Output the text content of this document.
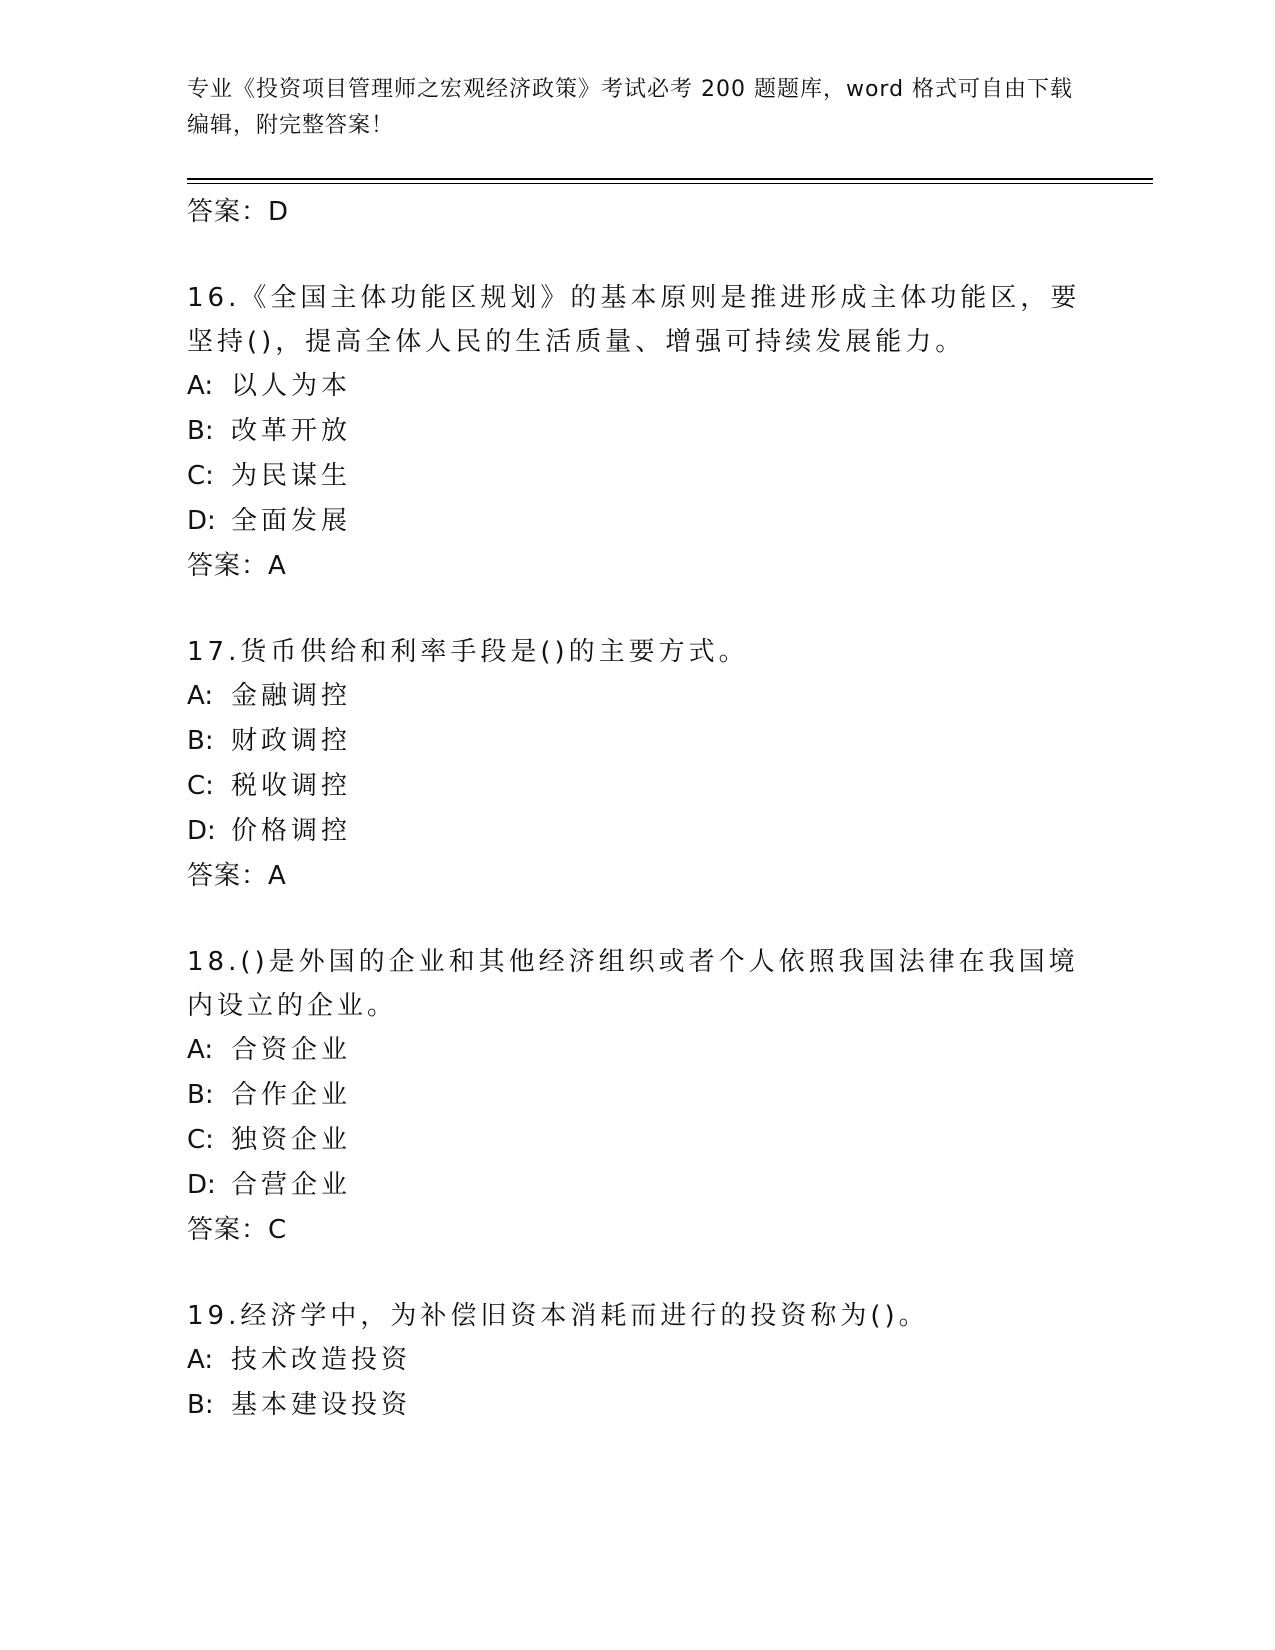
专业《投资项目管理师之宏观经济政策》考试必考 200 题题库，word 格式可自由下载编辑，附完整答案！
答案：D
16.《全国主体功能区规划》的基本原则是推进形成主体功能区，要坚持()，提高全体人民的生活质量、增强可持续发展能力。
A: 以人为本
B: 改革开放
C: 为民谋生
D: 全面发展
答案：A
17.货币供给和利率手段是()的主要方式。
A: 金融调控
B: 财政调控
C: 税收调控
D: 价格调控
答案：A
18.()是外国的企业和其他经济组织或者个人依照我国法律在我国境内设立的企业。
A: 合资企业
B: 合作企业
C: 独资企业
D: 合营企业
答案：C
19.经济学中，为补偿旧资本消耗而进行的投资称为()。
A: 技术改造投资
B: 基本建设投资
